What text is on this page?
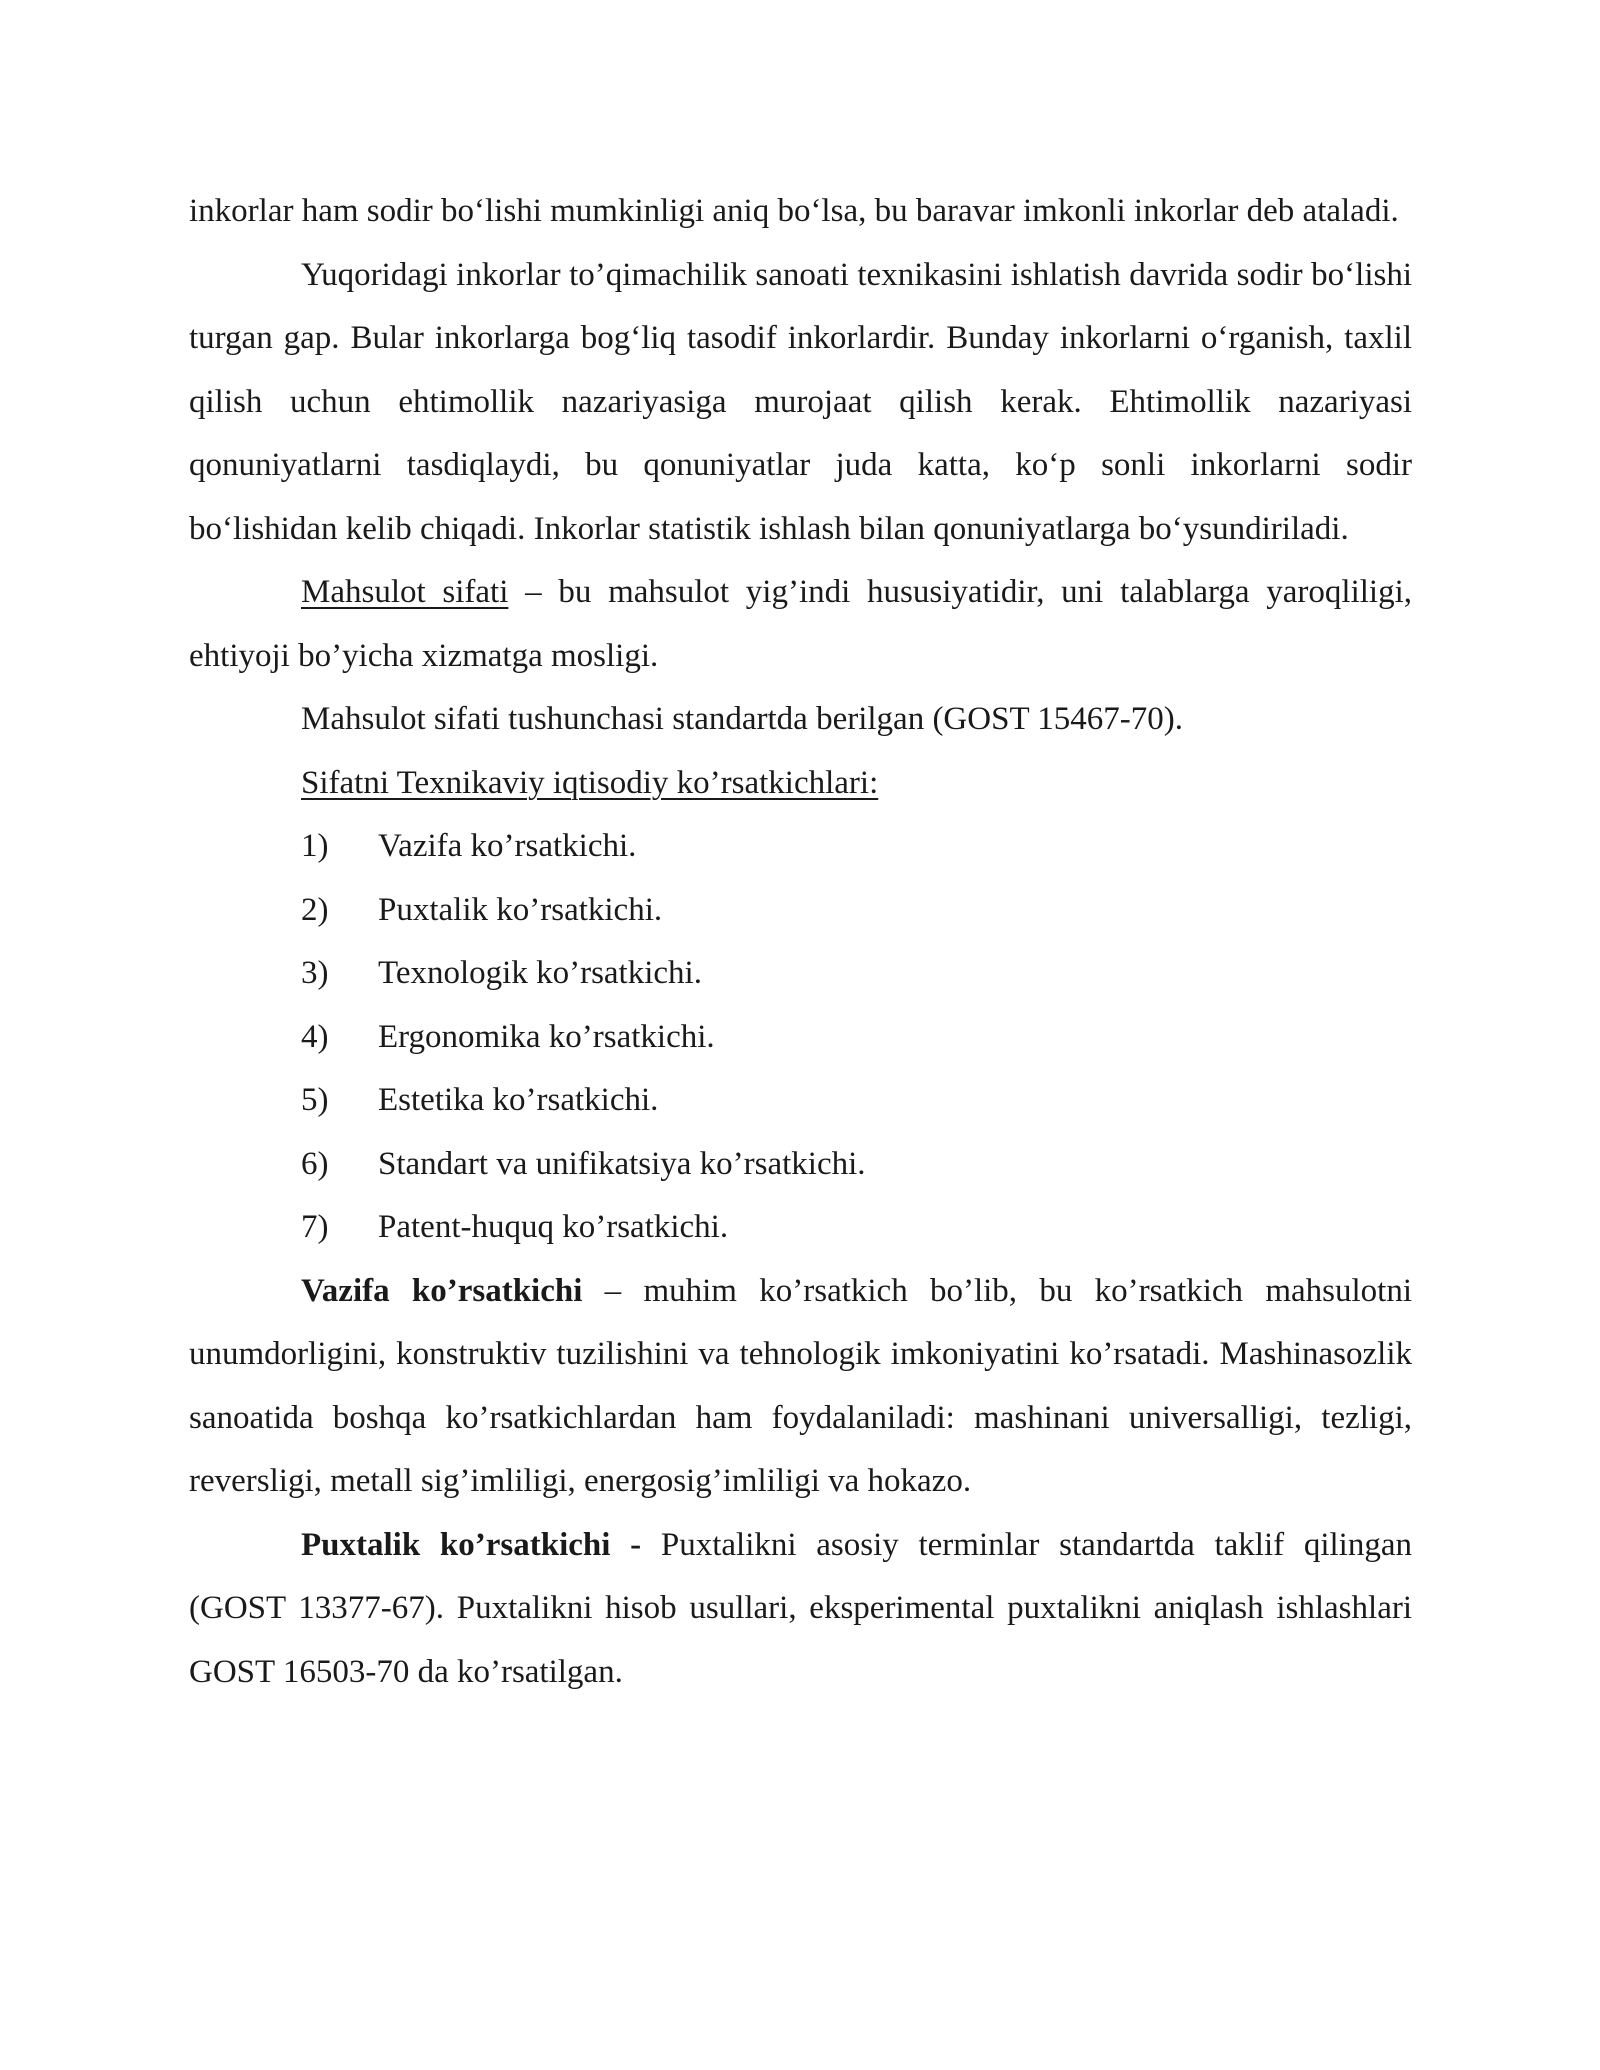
inkorlar ham sodir bo‘lishi mumkinligi aniq bo‘lsa, bu baravar imkonli inkorlar deb ataladi.

Yuqoridagi inkorlar to’qimachilik sanoati texnikasini ishlatish davrida sodir bo‘lishi turgan gap. Bular inkorlarga bog‘liq tasodif inkorlardir. Bunday inkorlarni o‘rganish, taxlil qilish uchun ehtimollik nazariyasiga murojaat qilish kerak. Ehtimollik nazariyasi qonuniyatlarni tasdiqlaydi, bu qonuniyatlar juda katta, ko‘p sonli inkorlarni sodir bo‘lishidan kelib chiqadi. Inkorlar statistik ishlash bilan qonuniyatlarga bo‘ysundiriladi.

Mahsulot sifati – bu mahsulot yig’indi hususiyatidir, uni talablarga yaroqliligi, ehtiyoji bo’yicha xizmatga mosligi.

Mahsulot sifati tushunchasi standartda berilgan (GOST 15467-70).

Sifatni Texnikaviy iqtisodiy ko’rsatkichlari:

1)	Vazifa ko’rsatkichi.
2)	Puxtalik ko’rsatkichi.
3)	Texnologik ko’rsatkichi.
4)	Ergonomika ko’rsatkichi.
5)	Estetika ko’rsatkichi.
6)	Standart va unifikatsiya ko’rsatkichi.
7)	Patent-huquq ko’rsatkichi.

Vazifa ko’rsatkichi – muhim ko’rsatkich bo’lib, bu ko’rsatkich mahsulotni unumdorligini, konstruktiv tuzilishini va tehnologik imkoniyatini ko’rsatadi. Mashinasozlik sanoatida boshqa ko’rsatkichlardan ham foydalaniladi: mashinani universalligi, tezligi, reversligi, metall sig’imliligi, energosig’imliligi va hokazo.

Puxtalik ko’rsatkichi - Puxtalikni asosiy terminlar standartda taklif qilingan (GOST 13377-67). Puxtalikni hisob usullari, eksperimental puxtalikni aniqlash ishlashlari GOST 16503-70 da ko’rsatilgan.
